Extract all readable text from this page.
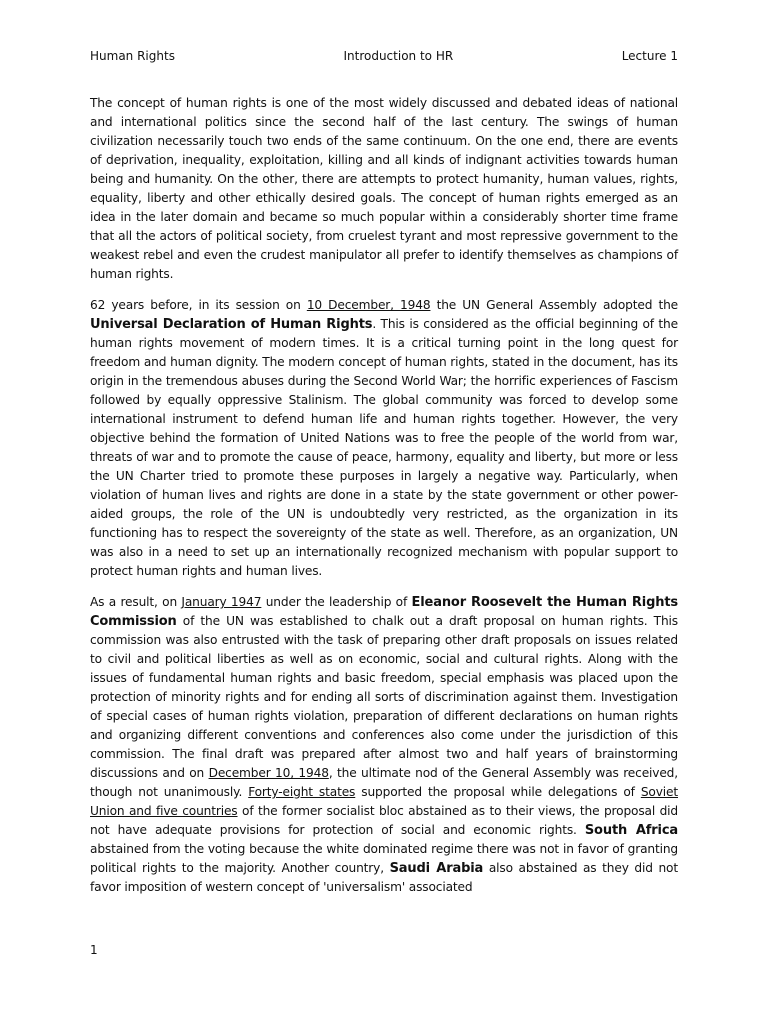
Human Rights	Introduction to HR	Lecture 1

The concept of human rights is one of the most widely discussed and debated ideas of national and international politics since the second half of the last century. The swings of human civilization necessarily touch two ends of the same continuum. On the one end, there are events of deprivation, inequality, exploitation, killing and all kinds of indignant activities towards human being and humanity. On the other, there are attempts to protect humanity, human values, rights, equality, liberty and other ethically desired goals. The concept of human rights emerged as an idea in the later domain and became so much popular within a considerably shorter time frame that all the actors of political society, from cruelest tyrant and most repressive government to the weakest rebel and even the crudest manipulator all prefer to identify themselves as champions of human rights.

62 years before, in its session on 10 December, 1948 the UN General Assembly adopted the Universal Declaration of Human Rights. This is considered as the official beginning of the human rights movement of modern times. It is a critical turning point in the long quest for freedom and human dignity. The modern concept of human rights, stated in the document, has its origin in the tremendous abuses during the Second World War; the horrific experiences of Fascism followed by equally oppressive Stalinism. The global community was forced to develop some international instrument to defend human life and human rights together. However, the very objective behind the formation of United Nations was to free the people of the world from war, threats of war and to promote the cause of peace, harmony, equality and liberty, but more or less the UN Charter tried to promote these purposes in largely a negative way. Particularly, when violation of human lives and rights are done in a state by the state government or other power-aided groups, the role of the UN is undoubtedly very restricted, as the organization in its functioning has to respect the sovereignty of the state as well. Therefore, as an organization, UN was also in a need to set up an internationally recognized mechanism with popular support to protect human rights and human lives.

As a result, on January 1947 under the leadership of Eleanor Roosevelt the Human Rights Commission of the UN was established to chalk out a draft proposal on human rights. This commission was also entrusted with the task of preparing other draft proposals on issues related to civil and political liberties as well as on economic, social and cultural rights. Along with the issues of fundamental human rights and basic freedom, special emphasis was placed upon the protection of minority rights and for ending all sorts of discrimination against them. Investigation of special cases of human rights violation, preparation of different declarations on human rights and organizing different conventions and conferences also come under the jurisdiction of this commission. The final draft was prepared after almost two and half years of brainstorming discussions and on December 10, 1948, the ultimate nod of the General Assembly was received, though not unanimously. Forty-eight states supported the proposal while delegations of Soviet Union and five countries of the former socialist bloc abstained as to their views, the proposal did not have adequate provisions for protection of social and economic rights. South Africa abstained from the voting because the white dominated regime there was not in favor of granting political rights to the majority. Another country, Saudi Arabia also abstained as they did not favor imposition of western concept of 'universalism' associated

1
